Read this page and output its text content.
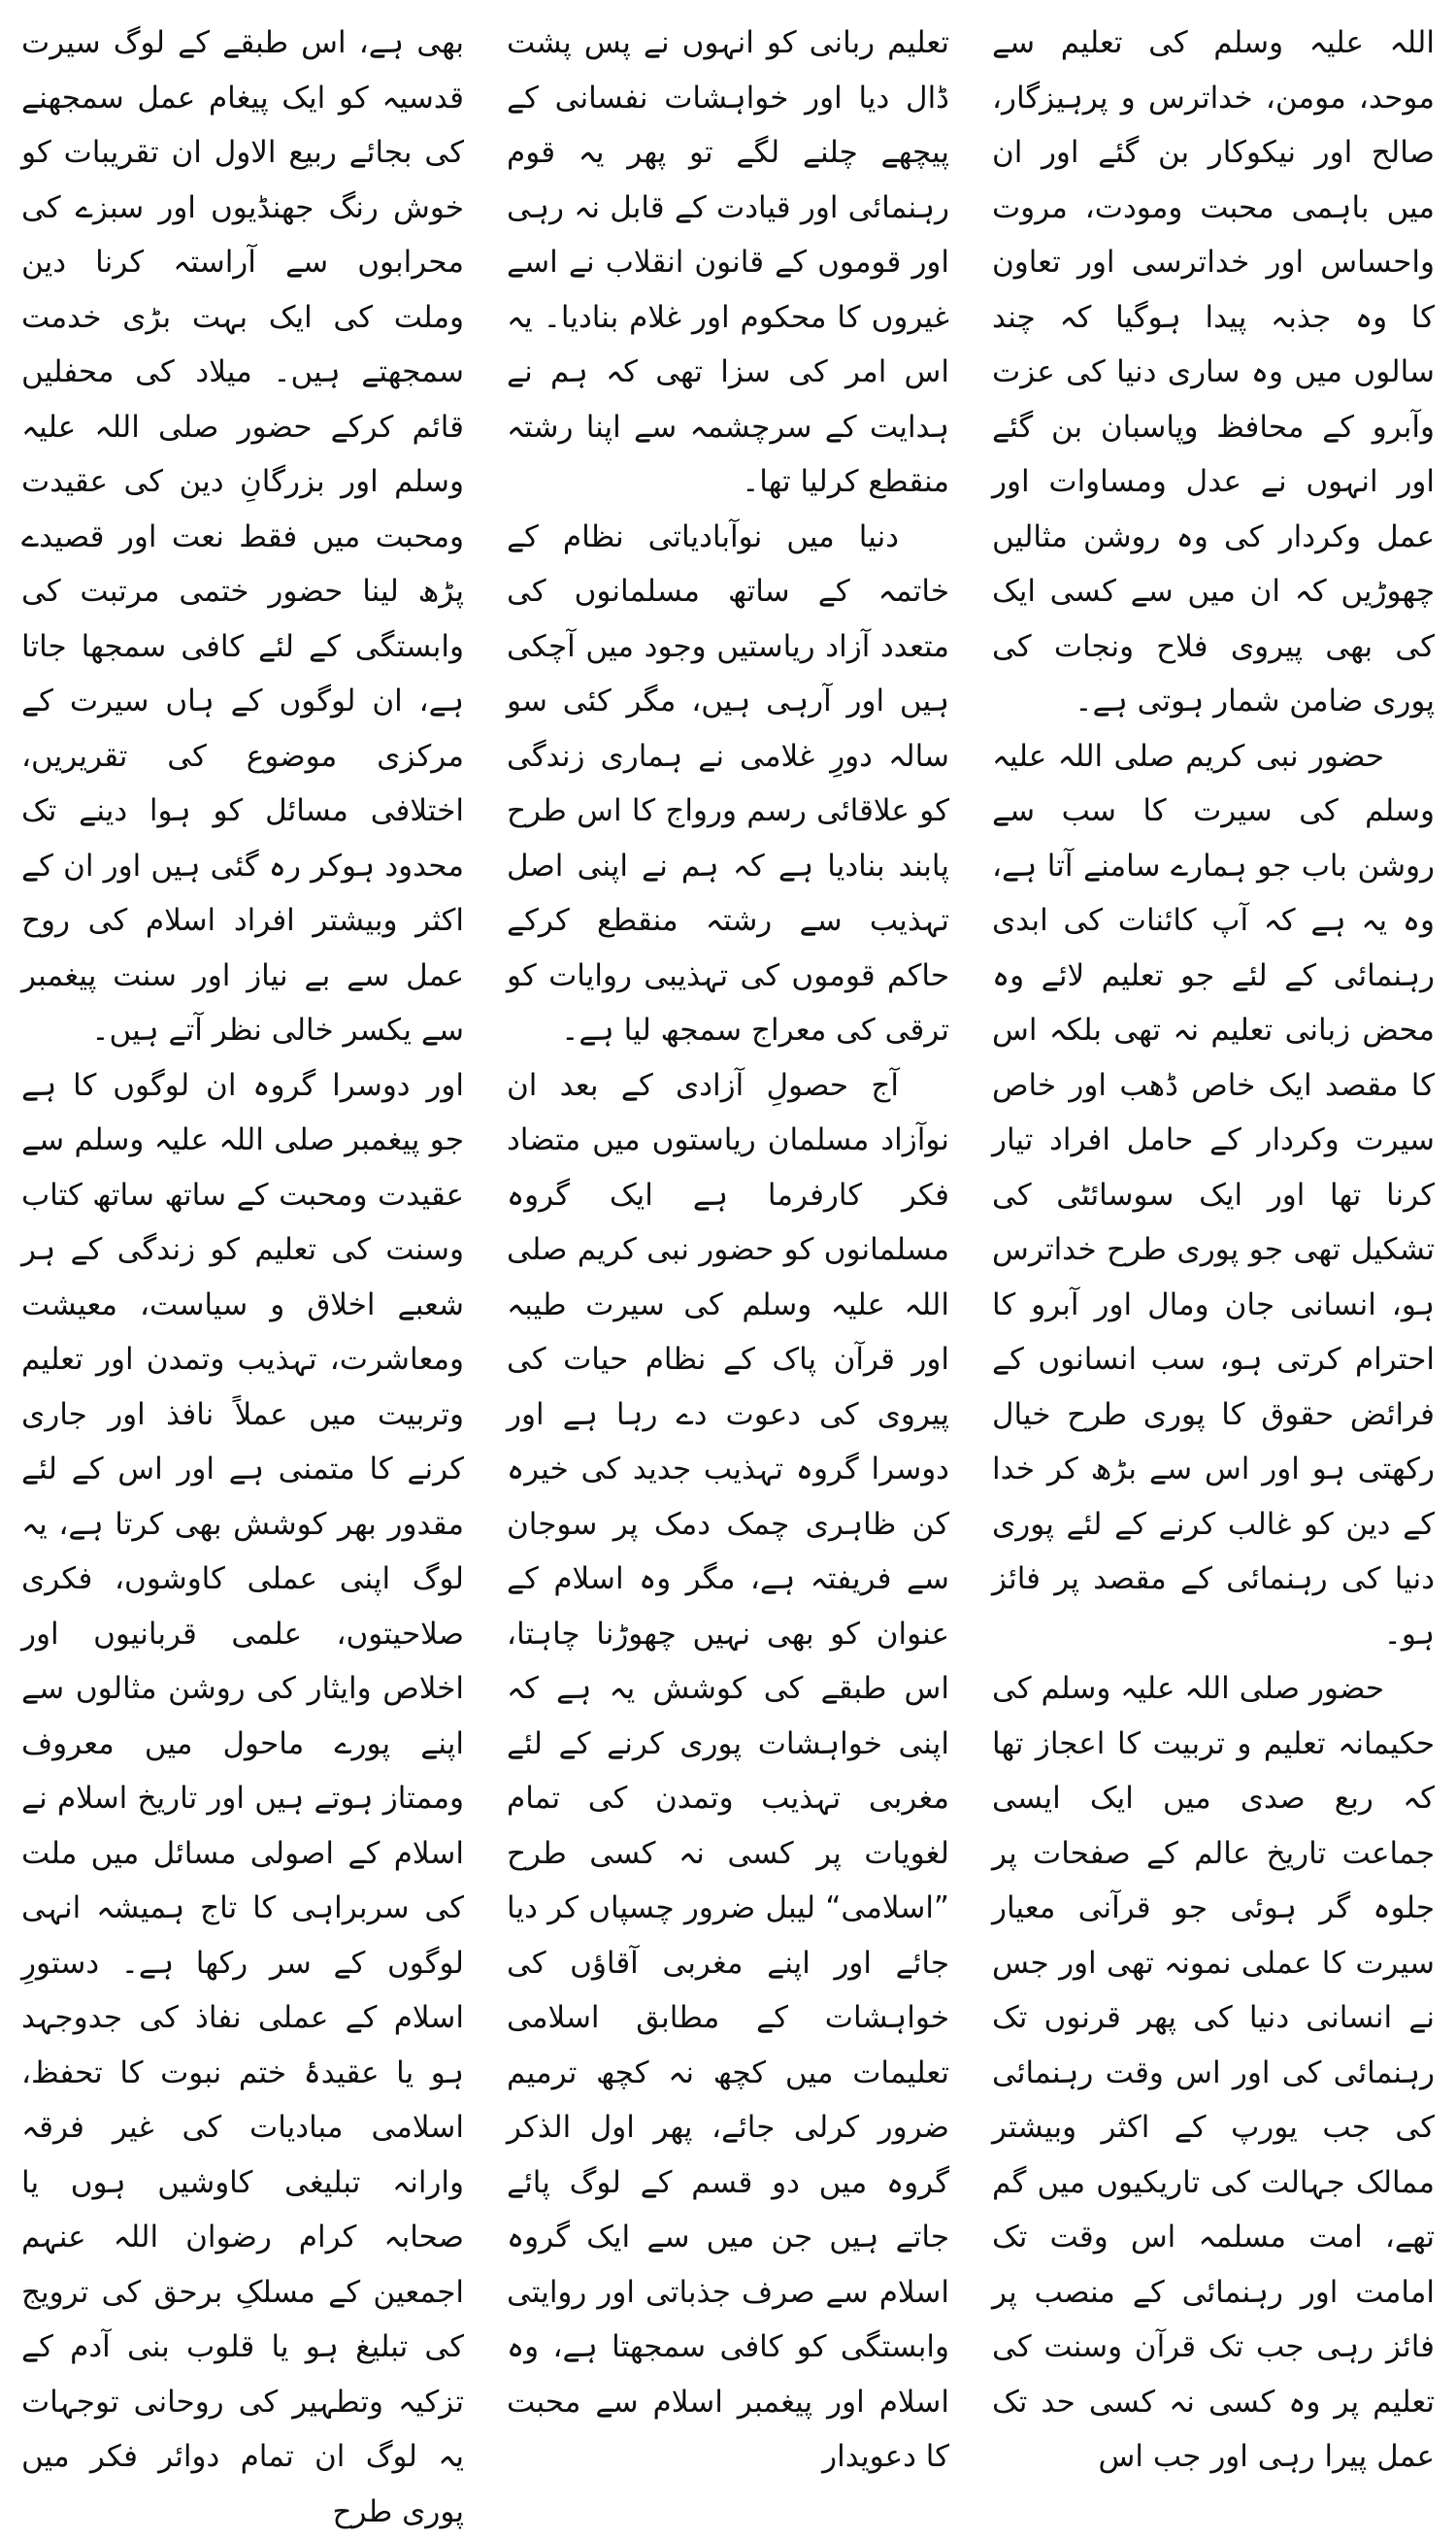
اللہ علیہ وسلم کی تعلیم سے موحد، مومن، خداترس و پرہیزگار، صالح اور نیکوکار بن گئے اور ان میں باہمی محبت ومودت، مروت واحساس اور خداترسی اور تعاون کا وہ جذبہ پیدا ہوگیا کہ چند سالوں میں وہ ساری دنیا کی عزت وآبرو کے محافظ وپاسبان بن گئے اور انہوں نے عدل ومساوات اور عمل وکردار کی وہ روشن مثالیں چھوڑیں کہ ان میں سے کسی ایک کی بھی پیروی فلاح ونجات کی پوری ضامن شمار ہوتی ہے۔

حضور نبی کریم صلی اللہ علیہ وسلم کی سیرت کا سب سے روشن باب جو ہمارے سامنے آتا ہے، وہ یہ ہے کہ آپ کائنات کی ابدی رہنمائی کے لئے جو تعلیم لائے وہ محض زبانی تعلیم نہ تھی بلکہ اس کا مقصد ایک خاص ڈھب اور خاص سیرت وکردار کے حامل افراد تیار کرنا تھا اور ایک سوسائٹی کی تشکیل تھی جو پوری طرح خداترس ہو، انسانی جان ومال اور آبرو کا احترام کرتی ہو، سب انسانوں کے فرائض حقوق کا پوری طرح خیال رکھتی ہو اور اس سے بڑھ کر خدا کے دین کو غالب کرنے کے لئے پوری دنیا کی رہنمائی کے مقصد پر فائز ہو۔

حضور صلی اللہ علیہ وسلم کی حکیمانہ تعلیم و تربیت کا اعجاز تھا کہ ربع صدی میں ایک ایسی جماعت تاریخ عالم کے صفحات پر جلوہ گر ہوئی جو قرآنی معیار سیرت کا عملی نمونہ تھی اور جس نے انسانی دنیا کی پھر قرنوں تک رہنمائی کی اور اس وقت رہنمائی کی جب یورپ کے اکثر وبیشتر ممالک جہالت کی تاریکیوں میں گم تھے، امت مسلمہ اس وقت تک امامت اور رہنمائی کے منصب پر فائز رہی جب تک قرآن وسنت کی تعلیم پر وہ کسی نہ کسی حد تک عمل پیرا رہی اور جب اس

تعلیم ربانی کو انہوں نے پس پشت ڈال دیا اور خواہشات نفسانی کے پیچھے چلنے لگے تو پھر یہ قوم رہنمائی اور قیادت کے قابل نہ رہی اور قوموں کے قانون انقلاب نے اسے غیروں کا محکوم اور غلام بنادیا۔ یہ اس امر کی سزا تھی کہ ہم نے ہدایت کے سرچشمہ سے اپنا رشتہ منقطع کرلیا تھا۔

دنیا میں نوآبادیاتی نظام کے خاتمہ کے ساتھ مسلمانوں کی متعدد آزاد ریاستیں وجود میں آچکی ہیں اور آرہی ہیں، مگر کئی سو سالہ دورِ غلامی نے ہماری زندگی کو علاقائی رسم ورواج کا اس طرح پابند بنادیا ہے کہ ہم نے اپنی اصل تہذیب سے رشتہ منقطع کرکے حاکم قوموں کی تہذیبی روایات کو ترقی کی معراج سمجھ لیا ہے۔

آج حصولِ آزادی کے بعد ان نوآزاد مسلمان ریاستوں میں متضاد فکر کارفرما ہے ایک گروہ مسلمانوں کو حضور نبی کریم صلی اللہ علیہ وسلم کی سیرت طیبہ اور قرآن پاک کے نظام حیات کی پیروی کی دعوت دے رہا ہے اور دوسرا گروہ تہذیب جدید کی خیرہ کن ظاہری چمک دمک پر سوجان سے فریفتہ ہے، مگر وہ اسلام کے عنوان کو بھی نہیں چھوڑنا چاہتا، اس طبقے کی کوشش یہ ہے کہ اپنی خواہشات پوری کرنے کے لئے مغربی تہذیب وتمدن کی تمام لغویات پر کسی نہ کسی طرح ”اسلامی“ لیبل ضرور چسپاں کر دیا جائے اور اپنے مغربی آقاؤں کی خواہشات کے مطابق اسلامی تعلیمات میں کچھ نہ کچھ ترمیم ضرور کرلی جائے، پھر اول الذکر گروہ میں دو قسم کے لوگ پائے جاتے ہیں جن میں سے ایک گروہ اسلام سے صرف جذباتی اور روایتی وابستگی کو کافی سمجھتا ہے، وہ اسلام اور پیغمبر اسلام سے محبت کا دعویدار

بھی ہے، اس طبقے کے لوگ سیرت قدسیہ کو ایک پیغام عمل سمجھنے کی بجائے ربیع الاول ان تقریبات کو خوش رنگ جھنڈیوں اور سبزے کی محرابوں سے آراستہ کرنا دین وملت کی ایک بہت بڑی خدمت سمجھتے ہیں۔ میلاد کی محفلیں قائم کرکے حضور صلی اللہ علیہ وسلم اور بزرگانِ دین کی عقیدت ومحبت میں فقط نعت اور قصیدے پڑھ لینا حضور ختمی مرتبت کی وابستگی کے لئے کافی سمجھا جاتا ہے، ان لوگوں کے ہاں سیرت کے مرکزی موضوع کی تقریریں، اختلافی مسائل کو ہوا دینے تک محدود ہوکر رہ گئی ہیں اور ان کے اکثر وبیشتر افراد اسلام کی روح عمل سے بے نیاز اور سنت پیغمبر سے یکسر خالی نظر آتے ہیں۔

اور دوسرا گروہ ان لوگوں کا ہے جو پیغمبر صلی اللہ علیہ وسلم سے عقیدت ومحبت کے ساتھ ساتھ کتاب وسنت کی تعلیم کو زندگی کے ہر شعبے اخلاق و سیاست، معیشت ومعاشرت، تہذیب وتمدن اور تعلیم وتربیت میں عملاً نافذ اور جاری کرنے کا متمنی ہے اور اس کے لئے مقدور بھر کوشش بھی کرتا ہے، یہ لوگ اپنی عملی کاوشوں، فکری صلاحیتوں، علمی قربانیوں اور اخلاص وایثار کی روشن مثالوں سے اپنے پورے ماحول میں معروف وممتاز ہوتے ہیں اور تاریخ اسلام نے اسلام کے اصولی مسائل میں ملت کی سربراہی کا تاج ہمیشہ انہی لوگوں کے سر رکھا ہے۔ دستورِ اسلام کے عملی نفاذ کی جدوجہد ہو یا عقیدۂ ختم نبوت کا تحفظ، اسلامی مبادیات کی غیر فرقہ وارانہ تبلیغی کاوشیں ہوں یا صحابہ کرام رضوان اللہ عنہم اجمعین کے مسلکِ برحق کی ترویج کی تبلیغ ہو یا قلوب بنی آدم کے تزکیہ وتطہیر کی روحانی توجہات یہ لوگ ان تمام دوائر فکر میں پوری طرح
